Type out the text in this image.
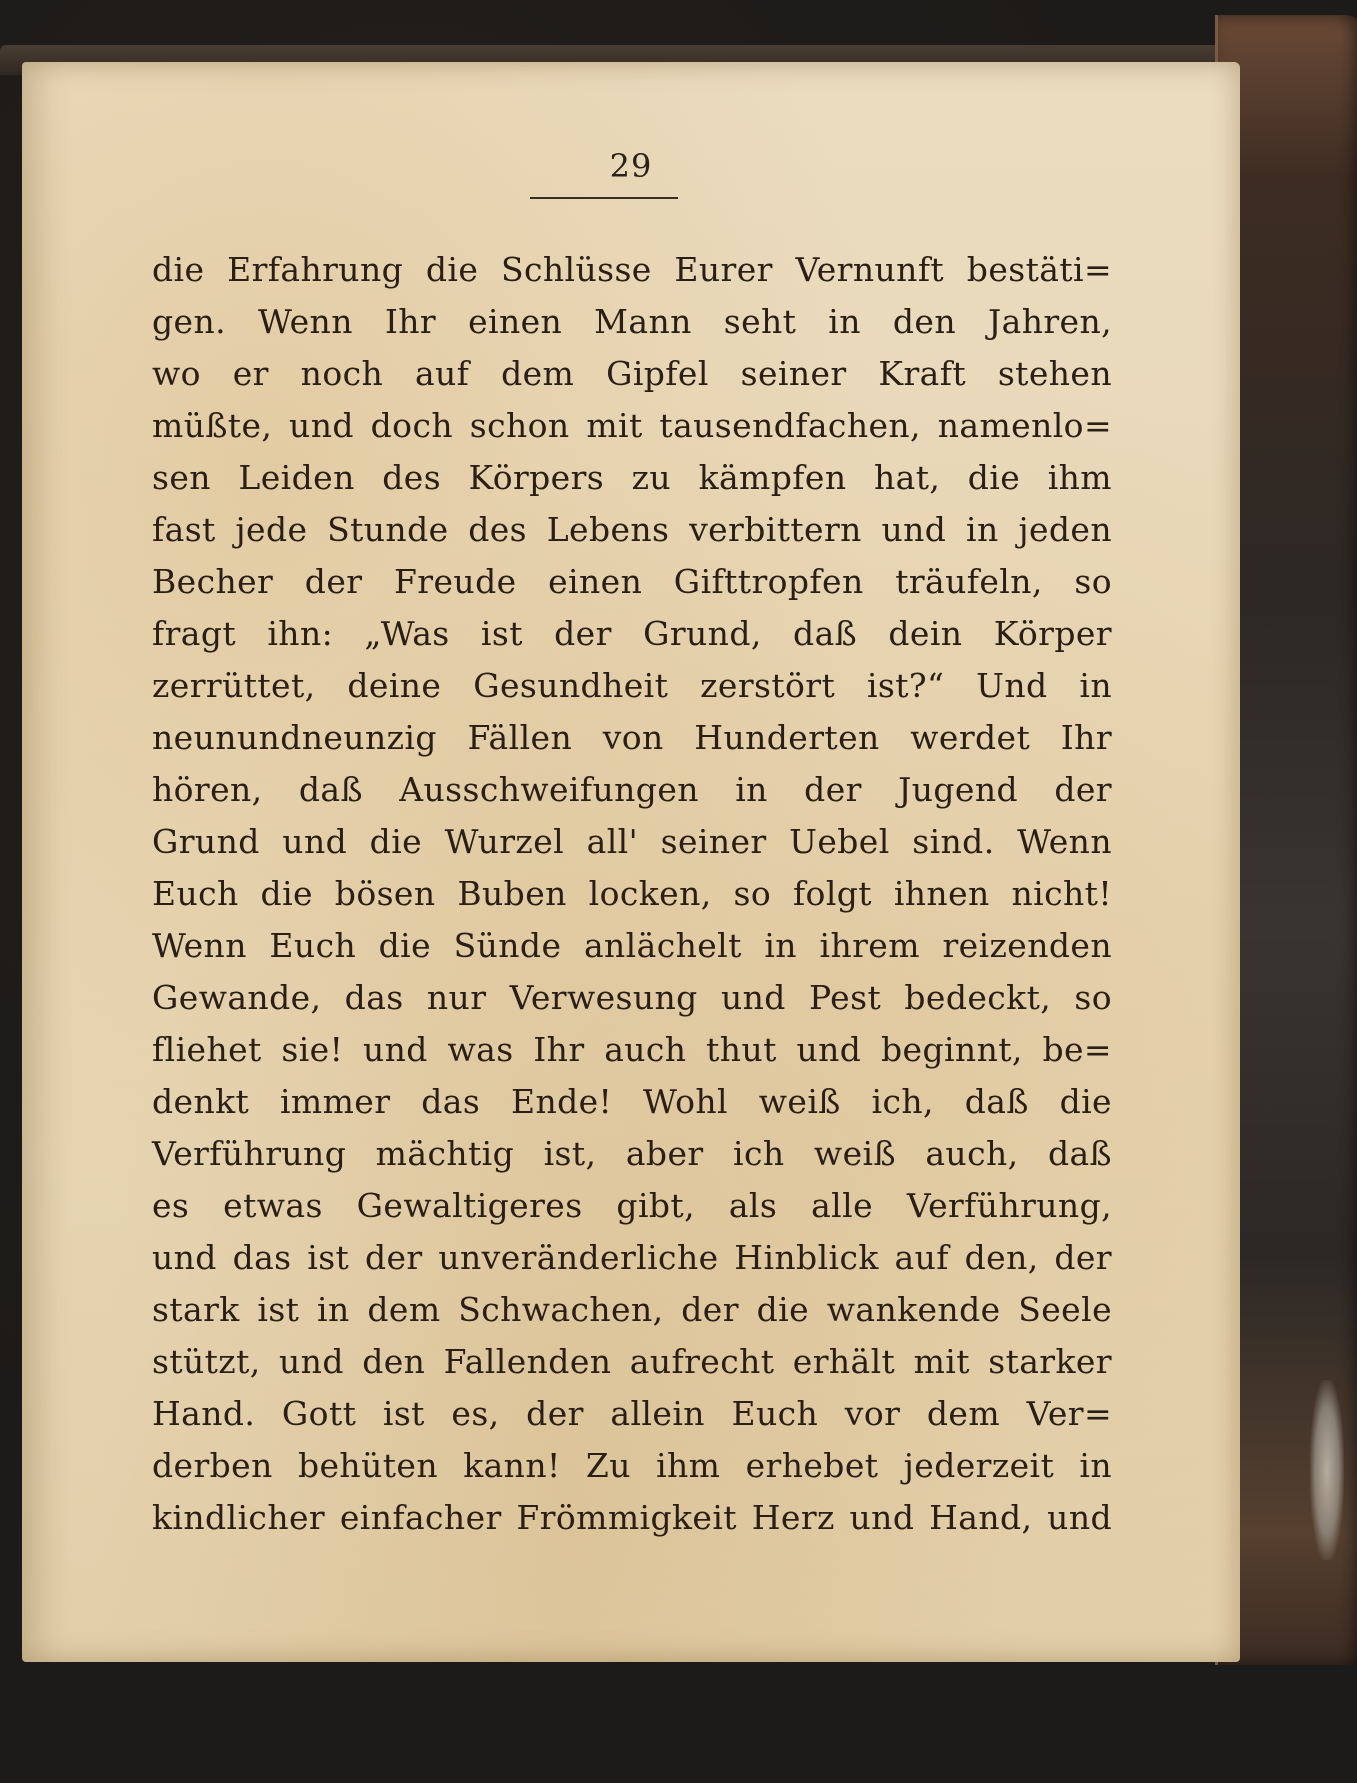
29
die Erfahrung die Schlüsse Eurer Vernunft bestäti=
gen. Wenn Ihr einen Mann seht in den Jahren,
wo er noch auf dem Gipfel seiner Kraft stehen
müßte, und doch schon mit tausendfachen, namenlo=
sen Leiden des Körpers zu kämpfen hat, die ihm
fast jede Stunde des Lebens verbittern und in jeden
Becher der Freude einen Gifttropfen träufeln, so
fragt ihn: „Was ist der Grund, daß dein Körper
zerrüttet, deine Gesundheit zerstört ist?“ Und in
neunundneunzig Fällen von Hunderten werdet Ihr
hören, daß Ausschweifungen in der Jugend der
Grund und die Wurzel all' seiner Uebel sind. Wenn
Euch die bösen Buben locken, so folgt ihnen nicht!
Wenn Euch die Sünde anlächelt in ihrem reizenden
Gewande, das nur Verwesung und Pest bedeckt, so
fliehet sie! und was Ihr auch thut und beginnt, be=
denkt immer das Ende! Wohl weiß ich, daß die
Verführung mächtig ist, aber ich weiß auch, daß
es etwas Gewaltigeres gibt, als alle Verführung,
und das ist der unveränderliche Hinblick auf den, der
stark ist in dem Schwachen, der die wankende Seele
stützt, und den Fallenden aufrecht erhält mit starker
Hand. Gott ist es, der allein Euch vor dem Ver=
derben behüten kann! Zu ihm erhebet jederzeit in
kindlicher einfacher Frömmigkeit Herz und Hand, und
